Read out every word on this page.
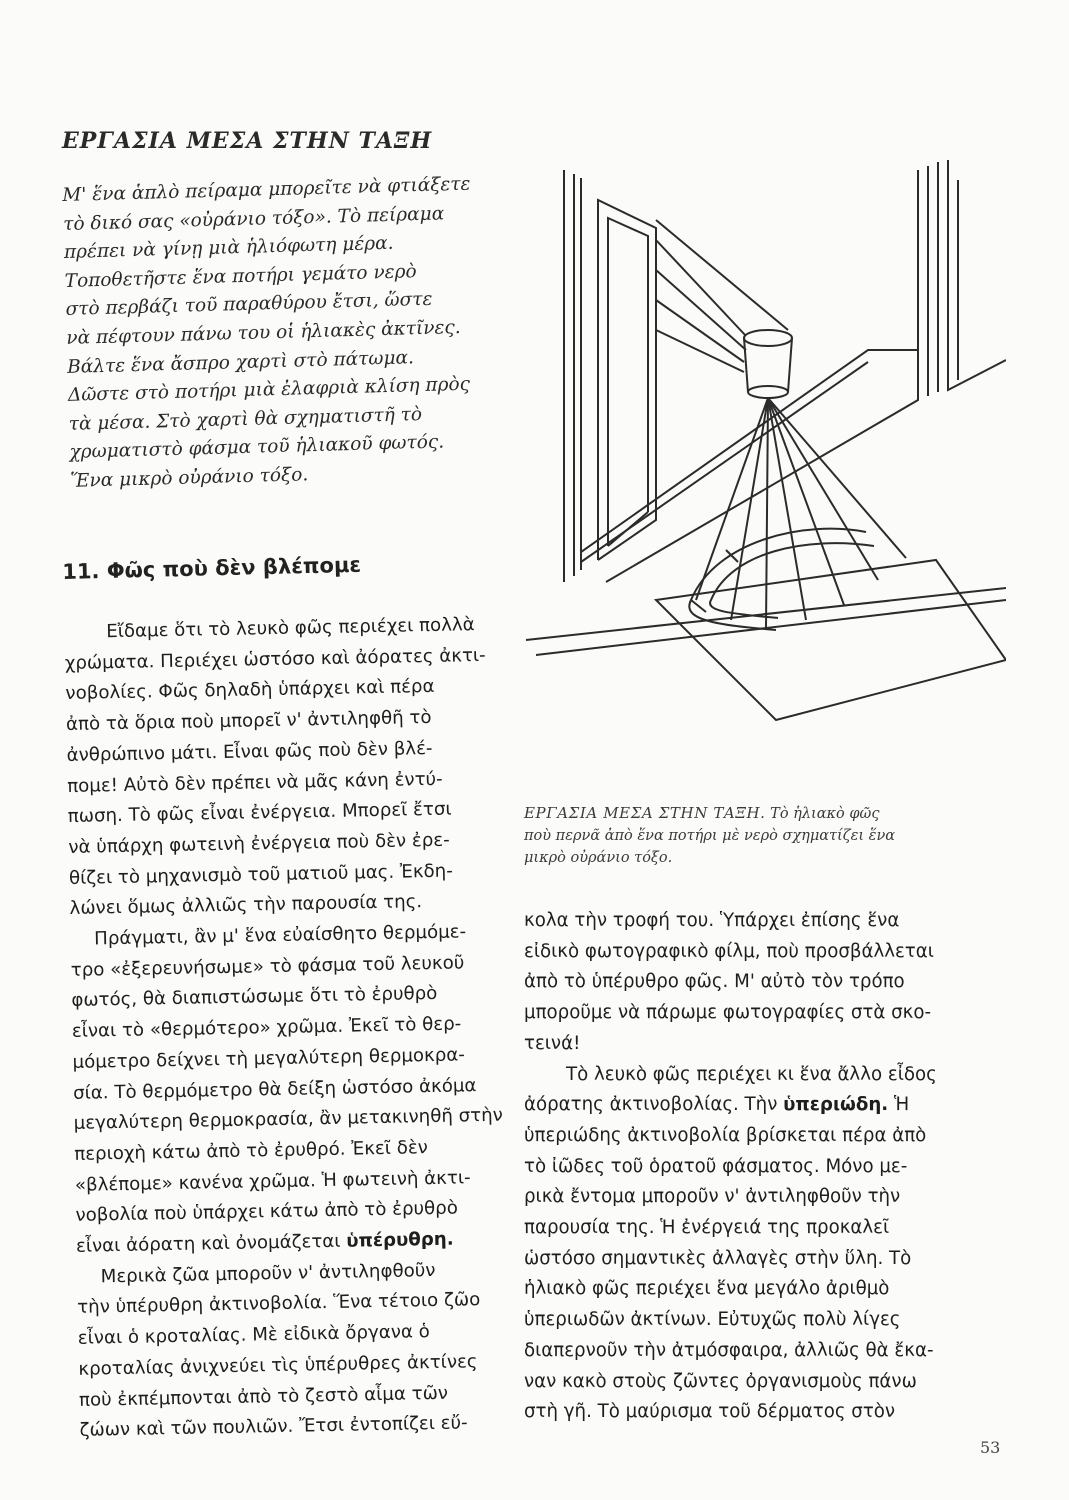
ΕΡΓΑΣΙΑ ΜΕΣΑ ΣΤΗΝ ΤΑΞΗ
Μ' ἕνα ἁπλὸ πείραμα μπορεῖτε νὰ φτιάξετε
τὸ δικό σας «οὐράνιο τόξο». Τὸ πείραμα
πρέπει νὰ γίνῃ μιὰ ἡλιόφωτη μέρα.
Τοποθετῆστε ἕνα ποτήρι γεμάτο νερὸ
στὸ περβάζι τοῦ παραθύρου ἔτσι, ὥστε
νὰ πέφτουν πάνω του οἱ ἡλιακὲς ἀκτῖνες.
Βάλτε ἕνα ἄσπρο χαρτὶ στὸ πάτωμα.
Δῶστε στὸ ποτήρι μιὰ ἐλαφριὰ κλίση πρὸς
τὰ μέσα. Στὸ χαρτὶ θὰ σχηματιστῆ τὸ
χρωματιστὸ φάσμα τοῦ ἡλιακοῦ φωτός.
Ἕνα μικρὸ οὐράνιο τόξο.
11. Φῶς ποὺ δὲν βλέπομε
Εἴδαμε ὅτι τὸ λευκὸ φῶς περιέχει πολλὰ
χρώματα. Περιέχει ὡστόσο καὶ ἀόρατες ἀκτι-
νοβολίες. Φῶς δηλαδὴ ὑπάρχει καὶ πέρα
ἀπὸ τὰ ὅρια ποὺ μπορεῖ ν' ἀντιληφθῆ τὸ
ἀνθρώπινο μάτι. Εἶναι φῶς ποὺ δὲν βλέ-
πομε! Αὐτὸ δὲν πρέπει νὰ μᾶς κάνη ἐντύ-
πωση. Τὸ φῶς εἶναι ἐνέργεια. Μπορεῖ ἔτσι
νὰ ὑπάρχη φωτεινὴ ἐνέργεια ποὺ δὲν ἐρε-
θίζει τὸ μηχανισμὸ τοῦ ματιοῦ μας. Ἐκδη-
λώνει ὅμως ἀλλιῶς τὴν παρουσία της.
Πράγματι, ἂν μ' ἕνα εὐαίσθητο θερμόμε-
τρο «ἐξερευνήσωμε» τὸ φάσμα τοῦ λευκοῦ
φωτός, θὰ διαπιστώσωμε ὅτι τὸ ἐρυθρὸ
εἶναι τὸ «θερμότερο» χρῶμα. Ἐκεῖ τὸ θερ-
μόμετρο δείχνει τὴ μεγαλύτερη θερμοκρα-
σία. Τὸ θερμόμετρο θὰ δείξη ὡστόσο ἀκόμα
μεγαλύτερη θερμοκρασία, ἂν μετακινηθῆ στὴν
περιοχὴ κάτω ἀπὸ τὸ ἐρυθρό. Ἐκεῖ δὲν
«βλέπομε» κανένα χρῶμα. Ἡ φωτεινὴ ἀκτι-
νοβολία ποὺ ὑπάρχει κάτω ἀπὸ τὸ ἐρυθρὸ
εἶναι ἀόρατη καὶ ὀνομάζεται ὑπέρυθρη.
Μερικὰ ζῶα μποροῦν ν' ἀντιληφθοῦν
τὴν ὑπέρυθρη ἀκτινοβολία. Ἕνα τέτοιο ζῶο
εἶναι ὁ κροταλίας. Μὲ εἰδικὰ ὄργανα ὁ
κροταλίας ἀνιχνεύει τὶς ὑπέρυθρες ἀκτίνες
ποὺ ἐκπέμπονται ἀπὸ τὸ ζεστὸ αἷμα τῶν
ζώων καὶ τῶν πουλιῶν. Ἔτσι ἐντοπίζει εὔ-
ΕΡΓΑΣΙΑ ΜΕΣΑ ΣΤΗΝ ΤΑΞΗ. Τὸ ἡλιακὸ φῶς
ποὺ περνᾶ ἀπὸ ἕνα ποτήρι μὲ νερὸ σχηματίζει ἕνα
μικρὸ οὐράνιο τόξο.
κολα τὴν τροφή του. Ὑπάρχει ἐπίσης ἕνα
εἰδικὸ φωτογραφικὸ φίλμ, ποὺ προσβάλλεται
ἀπὸ τὸ ὑπέρυθρο φῶς. Μ' αὐτὸ τὸν τρόπο
μποροῦμε νὰ πάρωμε φωτογραφίες στὰ σκο-
τεινά!
Τὸ λευκὸ φῶς περιέχει κι ἕνα ἄλλο εἶδος
ἀόρατης ἀκτινοβολίας. Τὴν ὑπεριώδη. Ἡ
ὑπεριώδης ἀκτινοβολία βρίσκεται πέρα ἀπὸ
τὸ ἰῶδες τοῦ ὁρατοῦ φάσματος. Μόνο με-
ρικὰ ἔντομα μποροῦν ν' ἀντιληφθοῦν τὴν
παρουσία της. Ἡ ἐνέργειά της προκαλεῖ
ὡστόσο σημαντικὲς ἀλλαγὲς στὴν ὕλη. Τὸ
ἡλιακὸ φῶς περιέχει ἕνα μεγάλο ἀριθμὸ
ὑπεριωδῶν ἀκτίνων. Εὐτυχῶς πολὺ λίγες
διαπερνοῦν τὴν ἀτμόσφαιρα, ἀλλιῶς θὰ ἔκα-
ναν κακὸ στοὺς ζῶντες ὀργανισμοὺς πάνω
στὴ γῆ. Τὸ μαύρισμα τοῦ δέρματος στὸν
53
